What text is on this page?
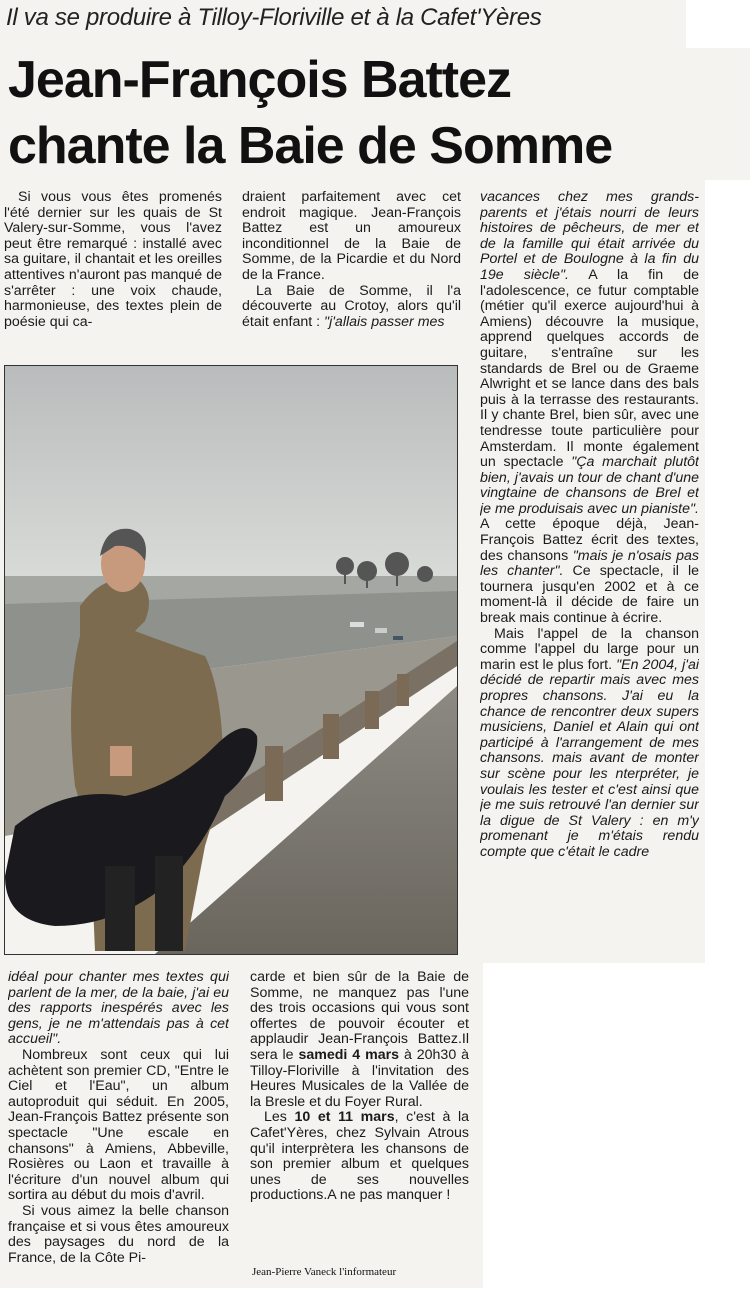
Il va se produire à Tilloy-Floriville et à la Cafet'Yères
Jean-François Battez
chante la Baie de Somme

Si vous vous êtes promenés l'été dernier sur les quais de St Valery-sur-Somme, vous l'avez peut être remarqué : installé avec sa guitare, il chantait et les oreilles attentives n'auront pas manqué de s'arrêter : une voix chaude, harmonieuse, des textes plein de poésie qui ca-

draient parfaitement avec cet endroit magique. Jean-François Battez est un amoureux inconditionnel de la Baie de Somme, de la Picardie et du Nord de la France.

La Baie de Somme, il l'a découverte au Crotoy, alors qu'il était enfant : "j'allais passer mes

vacances chez mes grands-parents et j'étais nourri de leurs histoires de pêcheurs, de mer et de la famille qui était arrivée du Portel et de Boulogne à la fin du 19e siècle". A la fin de l'adolescence, ce futur comptable (métier qu'il exerce aujourd'hui à Amiens) découvre la musique, apprend quelques accords de guitare, s'entraîne sur les standards de Brel ou de Graeme Alwright et se lance dans des bals puis à la terrasse des restaurants. Il y chante Brel, bien sûr, avec une tendresse toute particulière pour Amsterdam. Il monte également un spectacle "Ça marchait plutôt bien, j'avais un tour de chant d'une vingtaine de chansons de Brel et je me produisais avec un pianiste". A cette époque déjà, Jean-François Battez écrit des textes, des chansons "mais je n'osais pas les chanter". Ce spectacle, il le tournera jusqu'en 2002 et à ce moment-là il décide de faire un break mais continue à écrire.

Mais l'appel de la chanson comme l'appel du large pour un marin est le plus fort. "En 2004, j'ai décidé de repartir mais avec mes propres chansons. J'ai eu la chance de rencontrer deux supers musiciens, Daniel et Alain qui ont participé à l'arrangement de mes chansons. mais avant de monter sur scène pour les nterpréter, je voulais les tester et c'est ainsi que je me suis retrouvé l'an dernier sur la digue de St Valery : en m'y promenant je m'étais rendu compte que c'était le cadre

idéal pour chanter mes textes qui parlent de la mer, de la baie, j'ai eu des rapports inespérés avec les gens, je ne m'attendais pas à cet accueil".

Nombreux sont ceux qui lui achètent son premier CD, "Entre le Ciel et l'Eau", un album autoproduit qui séduit. En 2005, Jean-François Battez présente son spectacle "Une escale en chansons" à Amiens, Abbeville, Rosières ou Laon et travaille à l'écriture d'un nouvel album qui sortira au début du mois d'avril.

Si vous aimez la belle chanson française et si vous êtes amoureux des paysages du nord de la France, de la Côte Pi-

carde et bien sûr de la Baie de Somme, ne manquez pas l'une des trois occasions qui vous sont offertes de pouvoir écouter et applaudir Jean-François Battez.Il sera le samedi 4 mars à 20h30 à Tilloy-Floriville à l'invitation des Heures Musicales de la Vallée de la Bresle et du Foyer Rural.

Les 10 et 11 mars, c'est à la Cafet'Yères, chez Sylvain Atrous qu'il interprètera les chansons de son premier album et quelques unes de ses nouvelles productions.A ne pas manquer !

Jean-Pierre Vaneck l'informateur
